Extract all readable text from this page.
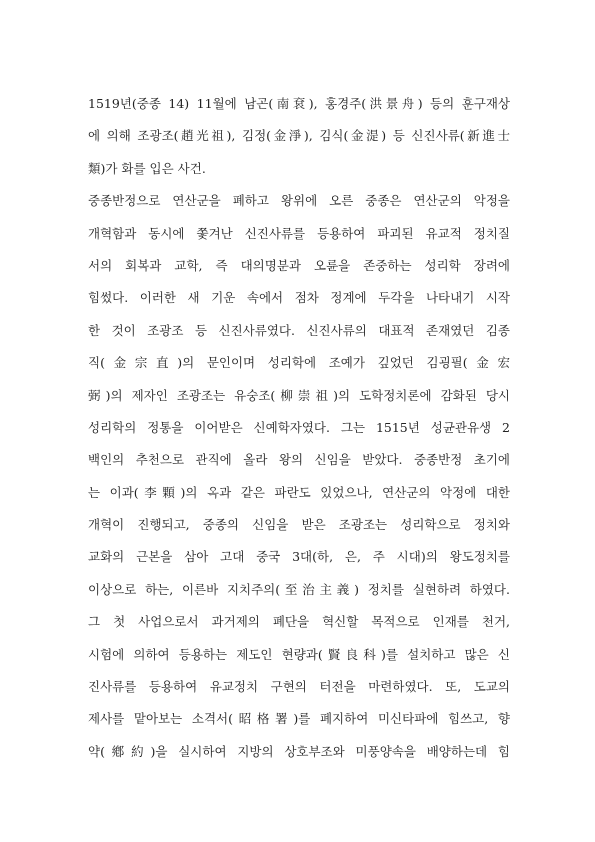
1519년(중종 14) 11월에 남곤(南袞), 홍경주(洪景舟) 등의 훈구재상
에 의해 조광조(趙光祖), 김정(金淨), 김식(金湜) 등 신진사류(新進士
類)가 화를 입은 사건.
중종반정으로 연산군을 폐하고 왕위에 오른 중종은 연산군의 악정을
개혁함과 동시에 쫓겨난 신진사류를 등용하여 파괴된 유교적 정치질
서의 회복과 교학, 즉 대의명분과 오륜을 존중하는 성리학 장려에
힘썼다. 이러한 새 기운 속에서 점차 정계에 두각을 나타내기 시작
한 것이 조광조 등 신진사류였다. 신진사류의 대표적 존재였던 김종
직(金宗直)의 문인이며 성리학에 조예가 깊었던 김굉필(金宏
弼)의 제자인 조광조는 유숭조(柳崇祖)의 도학정치론에 감화된 당시
성리학의 정통을 이어받은 신예학자였다. 그는 1515년 성균관유생 2
백인의 추천으로 관직에 올라 왕의 신임을 받았다. 중종반정 초기에
는 이과(李顆)의 옥과 같은 파란도 있었으나, 연산군의 악정에 대한
개혁이 진행되고, 중종의 신임을 받은 조광조는 성리학으로 정치와
교화의 근본을 삼아 고대 중국 3대(하, 은, 주 시대)의 왕도정치를
이상으로 하는, 이른바 지치주의(至治主義) 정치를 실현하려 하였다.
그 첫 사업으로서 과거제의 폐단을 혁신할 목적으로 인재를 천거,
시험에 의하여 등용하는 제도인 현량과(賢良科)를 설치하고 많은 신
진사류를 등용하여 유교정치 구현의 터전을 마련하였다. 또, 도교의
제사를 맡아보는 소격서(昭格署)를 폐지하여 미신타파에 힘쓰고, 향
약(鄕約)을 실시하여 지방의 상호부조와 미풍양속을 배양하는데 힘
